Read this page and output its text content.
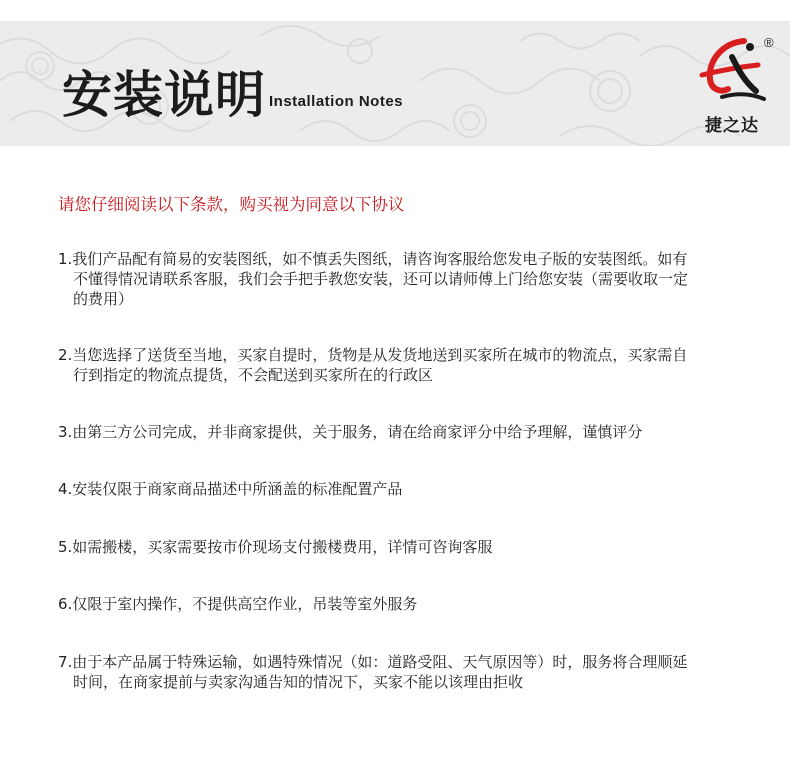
安装说明 Installation Notes
®
捷之达
请您仔细阅读以下条款，购买视为同意以下协议
1.我们产品配有简易的安装图纸，如不慎丢失图纸，请咨询客服给您发电子版的安装图纸。如有
不懂得情况请联系客服，我们会手把手教您安装，还可以请师傅上门给您安装（需要收取一定
的费用）
2.当您选择了送货至当地，买家自提时，货物是从发货地送到买家所在城市的物流点，买家需自
行到指定的物流点提货，不会配送到买家所在的行政区
3.由第三方公司完成，并非商家提供，关于服务，请在给商家评分中给予理解，谨慎评分
4.安装仅限于商家商品描述中所涵盖的标准配置产品
5.如需搬楼，买家需要按市价现场支付搬楼费用，详情可咨询客服
6.仅限于室内操作，不提供高空作业，吊装等室外服务
7.由于本产品属于特殊运输，如遇特殊情况（如：道路受阻、天气原因等）时，服务将合理顺延
时间，在商家提前与卖家沟通告知的情况下，买家不能以该理由拒收
